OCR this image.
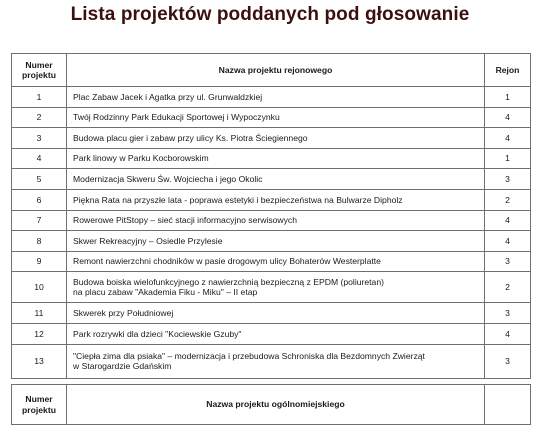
Lista projektów poddanych pod głosowanie
Numer
projektu	Nazwa projektu rejonowego	Rejon
1	Plac Zabaw Jacek i Agatka przy ul. Grunwaldzkiej	1
2	Twój Rodzinny Park Edukacji Sportowej i Wypoczynku	4
3	Budowa placu gier i zabaw przy ulicy Ks. Piotra Ściegiennego	4
4	Park linowy w Parku Kocborowskim	1
5	Modernizacja Skweru Św. Wojciecha i jego Okolic	3
6	Piękna Rata na przyszłe lata - poprawa estetyki i bezpieczeństwa na Bulwarze Dipholz	2
7	Rowerowe PitStopy – sieć stacji informacyjno serwisowych	4
8	Skwer Rekreacyjny – Osiedle Przylesie	4
9	Remont nawierzchni chodników w pasie drogowym ulicy Bohaterów Westerplatte	3
10	Budowa boiska wielofunkcyjnego z nawierzchnią bezpieczną z EPDM (poliuretan)
na placu zabaw "Akademia Fiku - Miku" – II etap	2
11	Skwerek przy Południowej	3
12	Park rozrywki dla dzieci "Kociewskie Gzuby"	4
13	"Ciepła zima dla psiaka" – modernizacja i przebudowa Schroniska dla Bezdomnych Zwierząt
w Starogardzie Gdańskim	3
Numer
projektu
	Nazwa projektu ogólnomiejskiego	
